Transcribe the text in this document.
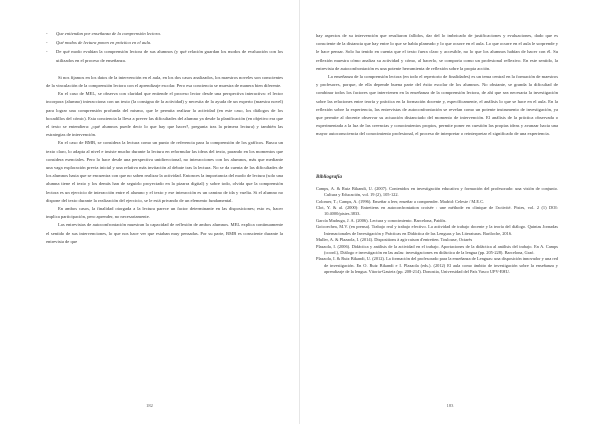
- Que entiendan por enseñanza de la comprensión lectora.
- Qué modos de lectura ponen en práctica en el aula.
- De qué modo evalúan la comprensión lectora de sus alumnos (y qué relación guardan los modos de evaluación con los utilizados en el proceso de enseñanza.

Si nos fijamos en los datos de la intervención en el aula, en los dos casos analizados, los maestros noveles son conscientes de la vinculación de la comprensión lectora con el aprendizaje escolar. Pero esa conciencia se muestra de manera bien diferente.

En el caso de MEL, se observa con claridad que entiende el proceso lector desde una perspectiva interactiva: el lector incorpora (alumno) interacciona con un texto (la consigna de la actividad) y necesita de la ayuda de un experto (maestra novel) para lograr una comprensión profunda del mismo, que le permita realizar la actividad (en este caso, los diálogos de los bocadillos del cómic). Esta conciencia la lleva a prever las dificultades del alumno ya desde la planificación (en objetivo era que el texto se entendiera: ¿qué alumnos puede decir lo que hay que hacer?, pregunta tras la primera lectura) y también las estrategias de intervención.

En el caso de BMB, se considera la lectura como un punto de referencia para la comprensión de los gráficos. Busca un texto claro, lo adapta al nivel e insiste mucho durante la lectura en reformular las ideas del texto, parando en los momentos que considera esenciales. Pero lo hace desde una perspectiva unidireccional, no interacciones con los alumnos, más que mediante una vaga exploración previa inicial y una relativa más invitación al debate tras la lectura. No se da cuenta de las dificultades de los alumnos hasta que se encuentra con que no saben realizar la actividad. Entonces la importancia del modo de lectura (solo una alumna tiene el texto y los demás han de seguirlo proyectado en la pizarra digital) y sobre todo, olvida que la comprensión lectora es un ejercicio de interacción entre el alumno y el texto y ese interacción es un camino de ida y vuelta. Si el alumno no dispone del texto durante la realización del ejercicio, se le está privando de un elemento fundamental.

En ambos casos, la finalidad otorgada a la lectura parece un factor determinante en las disposiciones; esto es, hacer implica participación, pero aprender, no necesariamente.

Las entrevistas de autoconfrontación muestran la capacidad de reflexión de ambos alumnos. MEL explica continuamente el sentido de sus intervenciones, lo que nos hace ver que estaban muy pensadas. Por su parte, BMB es consciente durante la entrevista de que

182

hay aspectos de su intervención que resultaron fallidos, dar del lo imbricado de justificaciones y evaluaciones, dado que es consciente de la distancia que hay entre lo que se había planeado y lo que ocurre en el aula. Lo que ocurre en el aula le sorprende y le hace pensar. Solo ha tenido en cuenta que el texto fuera claro y accesible, no lo que los alumnos habían de hacer con él. Su reflexión muestra cómo analiza su actividad y cómo, al hacerlo, se comporta como un profesional reflexivo. En este sentido, la entrevista de autoconfrontación es una potente herramienta de reflexión sobre la propia acción.

La enseñanza de la comprensión lectora (en todo el repertorio de finalidades) es un tema central en la formación de maestros y profesores, porque, de ella depende buena parte del éxito escolar de los alumnos. No obstante, se granda la dificultad de combinar todos los factores que intervienen en la enseñanza de la comprensión lectora, de ahí que sea necesaria la investigación sobre las relaciones entre teoría y práctica en la formación docente y, específicamente, el análisis lo que se hace en el aula. En la reflexión sobre la experiencia, las entrevistas de autoconfrontación se revelan como un potente instrumento de investigación, ya que permite al docente observar su actuación distanciado del momento de intervención. El análisis de la práctica observada o experimentada a la luz de las creencias y conocimientos propios, permite poner en cuestión las propias ideas y avanzar hacia una mayor autoconsciencia del conocimiento profesional, el proceso de interpretar o reinterpretar el significado de una experiencia.

Bibliografía
Camps, A. & Ruiz Bikandi, U. (2007). Contenidos en investigación educativa y formación del profesorado: una visión de conjunto. Cultura y Educación, vol. 19 (2), 105-122.
Colomer, T.; Camps, A. (1996). Enseñar a leer, enseñar a comprender. Madrid: Celeste / M.E.C.
Clot, Y. & al. (2000): Entretiens en autoconfrontation croisée : une méthode en clinique de l'activité. Pistes, vol. 2 (1) DOI: 10.4000/pistes.3833.
García Madruga, J. A. (2006). Lectura y conocimiento. Barcelona, Paidós.
Goicoechea, M.V. (en prensa). Trabajo real y trabajo efectivo. La actividad de trabajo docente y la teoría del diálogo. Quintas Jornadas Internacionales de Investigación y Prácticas en Didáctica de las Lenguas y las Literaturas. Bariloche, 2016.
Muller, A. & Plazaola, I. (2014). Dispositions à agir raison d'entretien. Toulouse, Octarès
Plazaola, I. (2006). Didáctica y análisis de la actividad en el trabajo. Aportaciones de la didáctica al análisis del trabajo. En A. Camps (coord.), Diálogo e investigación en las aulas: investigaciones en didáctica de la lengua (pp. 205-228). Barcelona, Graó.
Plazaola, I. & Ruiz Bikandi, U. (2012). La formación del profesorado para la enseñanza de Lenguas: una disposición innovador y una red de investigación. En O. Ruiz Bikandi e I. Plazaola (eds.). (2012) El aula como ámbito de investigación sobre la enseñanza y aprendizaje de la lengua. Vitoria-Gasteiz (pp. 208-214). Donostia, Universidad del País Vasco UPV-EHU.
183
